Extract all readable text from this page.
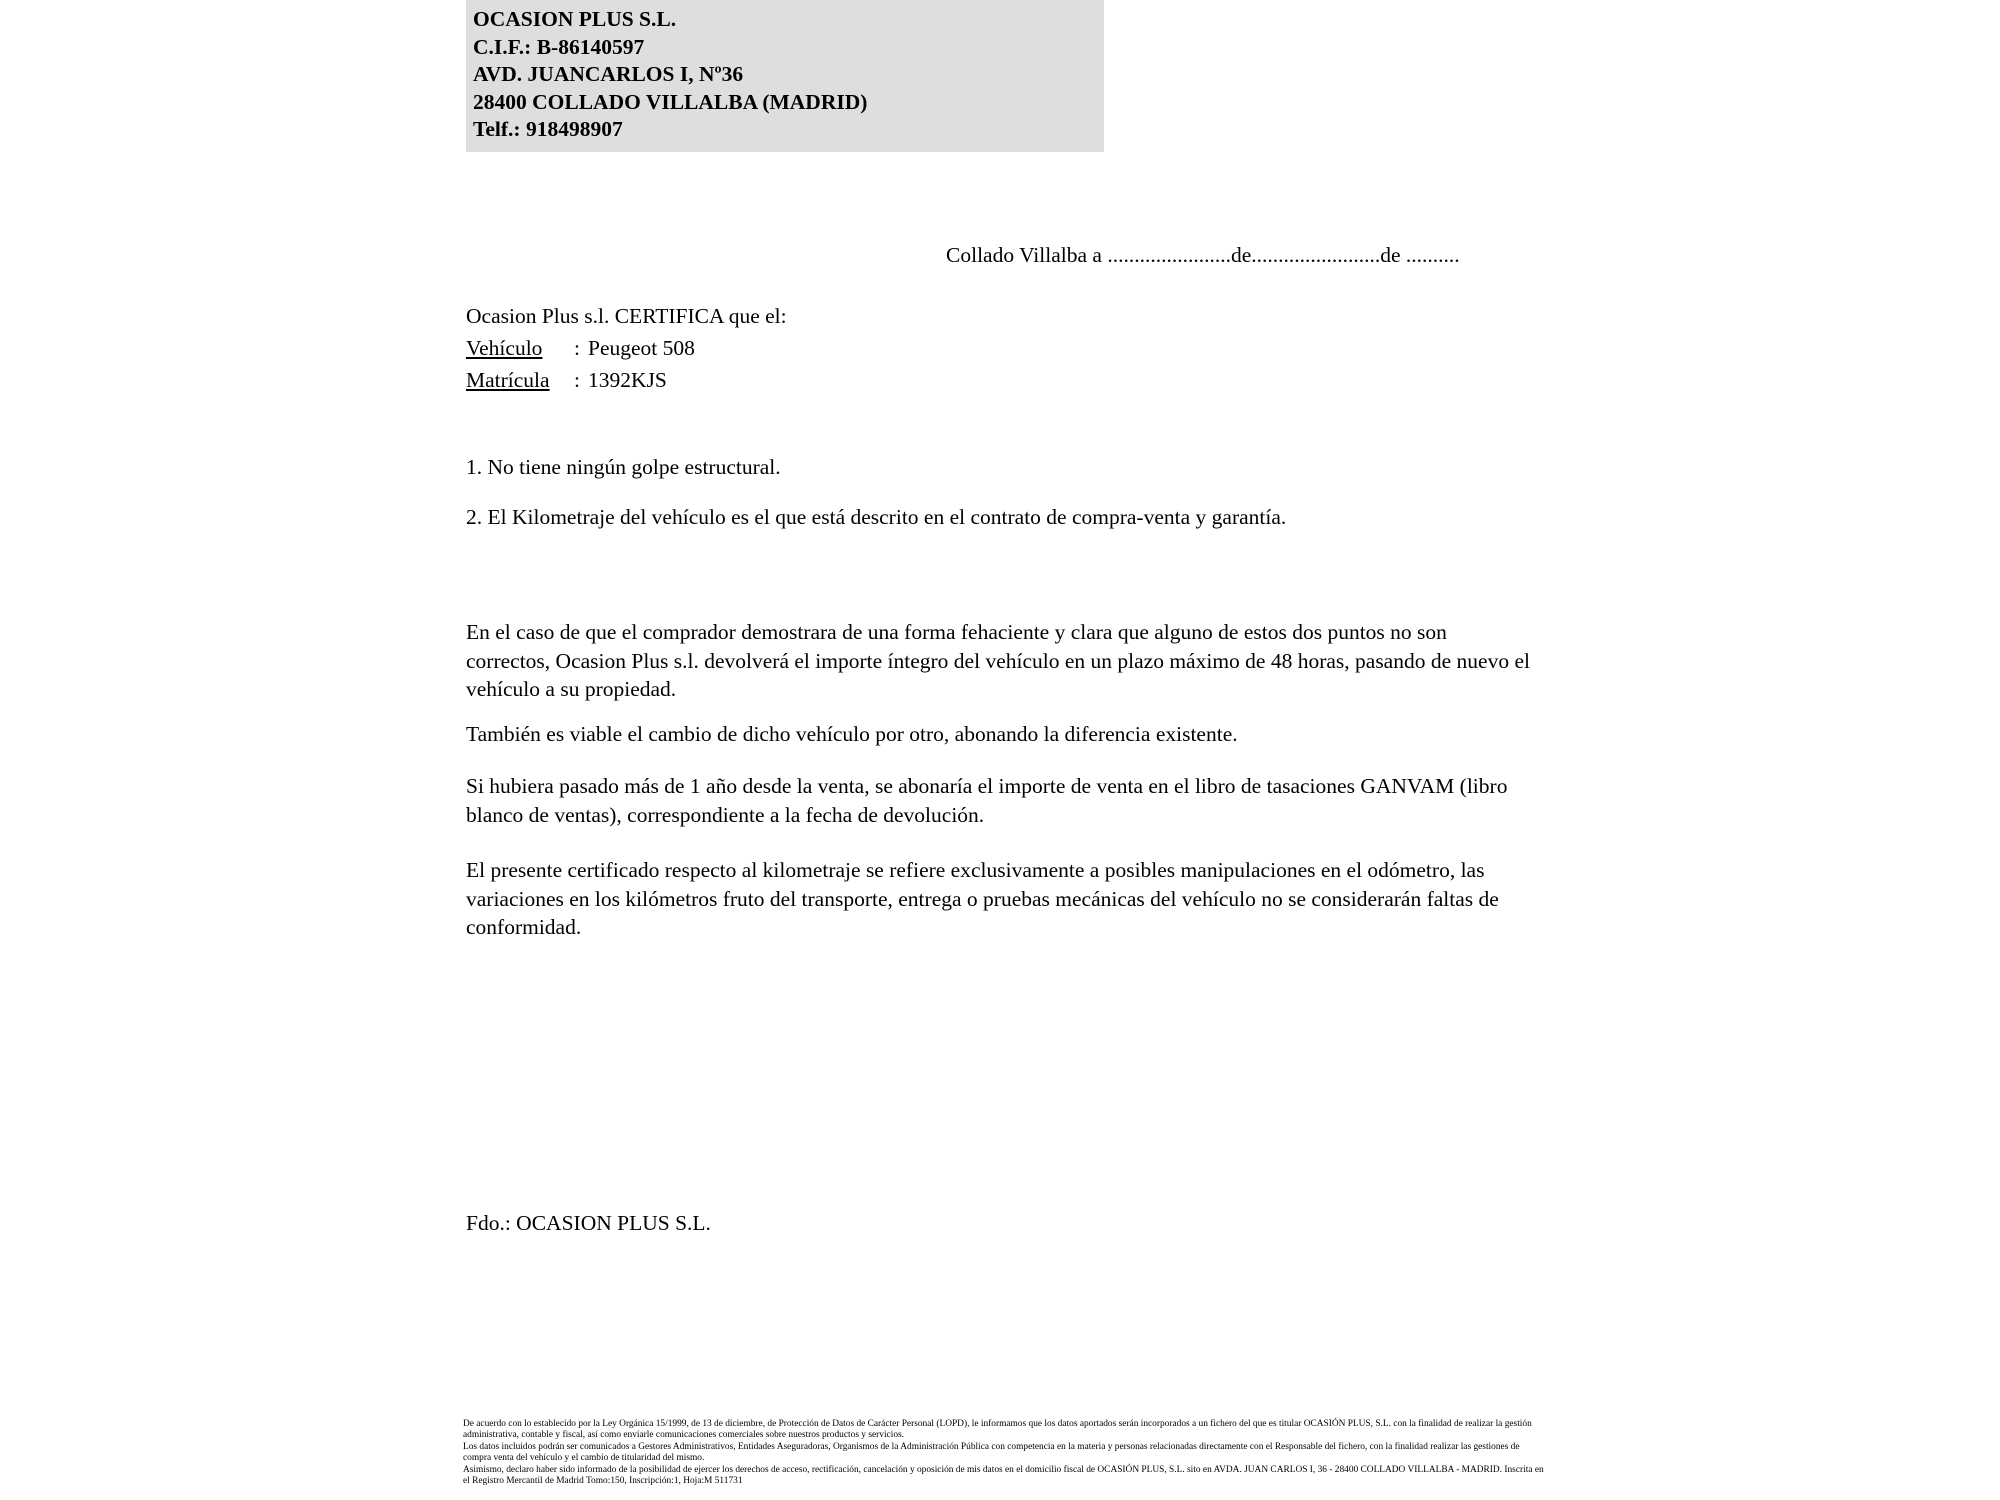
OCASION PLUS S.L.
C.I.F.: B-86140597
AVD. JUANCARLOS I, Nº36
28400 COLLADO VILLALBA (MADRID)
Telf.: 918498907
Collado Villalba a .......................de........................de ..........
Ocasion Plus s.l. CERTIFICA que el:
Vehículo : Peugeot 508
Matrícula : 1392KJS
1. No tiene ningún golpe estructural.
2. El Kilometraje del vehículo es el que está descrito en el contrato de compra-venta y garantía.
En el caso de que el comprador demostrara de una forma fehaciente y clara que alguno de estos dos puntos no son correctos, Ocasion Plus s.l. devolverá el importe íntegro del vehículo en un plazo máximo de 48 horas, pasando de nuevo el vehículo a su propiedad.
También es viable el cambio de dicho vehículo por otro, abonando la diferencia existente.
Si hubiera pasado más de 1 año desde la venta, se abonaría el importe de venta en el libro de tasaciones GANVAM (libro blanco de ventas), correspondiente a la fecha de devolución.
El presente certificado respecto al kilometraje se refiere exclusivamente a posibles manipulaciones en el odómetro, las variaciones en los kilómetros fruto del transporte, entrega o pruebas mecánicas del vehículo no se considerarán faltas de conformidad.
Fdo.: OCASION PLUS S.L.

De acuerdo con lo establecido por la Ley Orgánica 15/1999, de 13 de diciembre, de Protección de Datos de Carácter Personal (LOPD), le informamos que los datos aportados serán incorporados a un fichero del que es titular OCASIÓN PLUS, S.L. con la finalidad de realizar la gestión administrativa, contable y fiscal, así como enviarle comunicaciones comerciales sobre nuestros productos y servicios.

Los datos incluidos podrán ser comunicados a Gestores Administrativos, Entidades Aseguradoras, Organismos de la Administración Pública con competencia en la materia y personas relacionadas directamente con el Responsable del fichero, con la finalidad realizar las gestiones de compra venta del vehículo y el cambio de titularidad del mismo.

Asimismo, declaro haber sido informado de la posibilidad de ejercer los derechos de acceso, rectificación, cancelación y oposición de mis datos en el domicilio fiscal de OCASIÓN PLUS, S.L. sito en AVDA. JUAN CARLOS I, 36 - 28400 COLLADO VILLALBA - MADRID. Inscrita en el Registro Mercantil de Madrid Tomo:150, Inscripción:1, Hoja:M 511731
